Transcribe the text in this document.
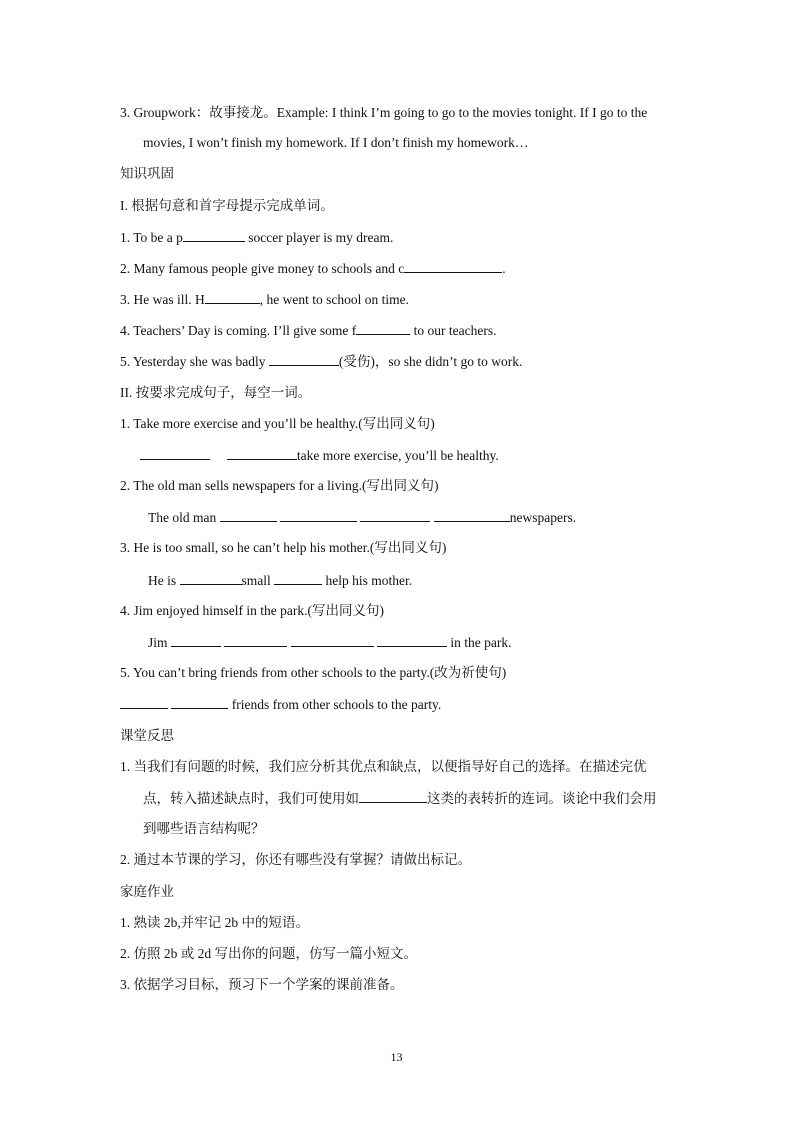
3. Groupwork：故事接龙。Example: I think I’m going to go to the movies tonight. If I go to the
movies, I won’t finish my homework. If I don’t finish my homework…
知识巩固
I. 根据句意和首字母提示完成单词。
1. To be a p	soccer player is my dream.
2. Many famous people give money to schools and c	.
3. He was ill. H	, he went to school on time.
4. Teachers’ Day is coming. I’ll give some f	to our teachers.
5. Yesterday she was badly	(受伤)，so she didn’t go to work.
II. 按要求完成句子，每空一词。
1. Take more exercise and you’ll be healthy.(写出同义句)
take more exercise, you’ll be healthy.
2. The old man sells newspapers for a living.(写出同义句)
The old man	newspapers.
3. He is too small, so he can’t help his mother.(写出同义句)
He is	small	help his mother.
4. Jim enjoyed himself in the park.(写出同义句)
Jim	in the park.
5. You can’t bring friends from other schools to the party.(改为祈使句)
friends from other schools to the party.
课堂反思
1. 当我们有问题的时候，我们应分析其优点和缺点，以便指导好自己的选择。在描述完优
点，转入描述缺点时，我们可使用如	这类的表转折的连词。谈论中我们会用
到哪些语言结构呢？
2. 通过本节课的学习，你还有哪些没有掌握？请做出标记。
家庭作业
1. 熟读 2b,并牢记 2b 中的短语。
2. 仿照 2b 或 2d 写出你的问题，仿写一篇小短文。
3. 依据学习目标，预习下一个学案的课前准备。
13
